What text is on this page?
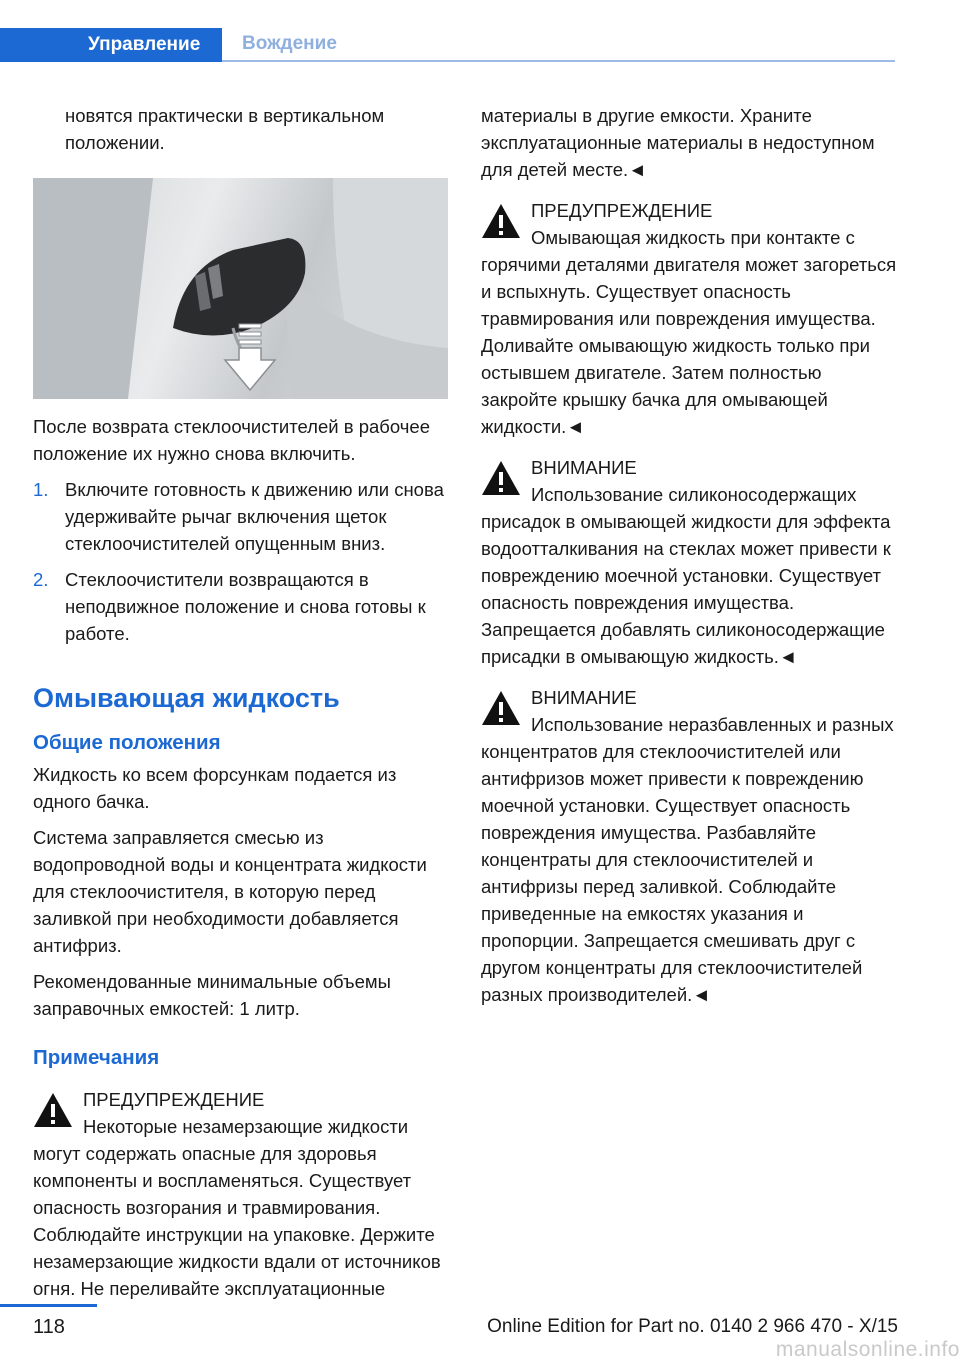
Управление	Вождение

новятся практически в вертикальном положении.

После возврата стеклоочистителей в рабочее положение их нужно снова включить.

1. Включите готовность к движению или снова удерживайте рычаг включения щеток стеклоочистителей опущенным вниз.
2. Стеклоочистители возвращаются в неподвижное положение и снова готовы к работе.
Омывающая жидкость
Общие положения

Жидкость ко всем форсункам подается из одного бачка.

Система заправляется смесью из водопроводной воды и концентрата жидкости для стеклоочистителя, в которую перед заливкой при необходимости добавляется антифриз.

Рекомендованные минимальные объемы заправочных емкостей: 1 литр.

Примечания
ПРЕДУПРЕЖДЕНИЕ
Некоторые незамерзающие жидкости могут содержать опасные для здоровья компоненты и воспламеняться. Существует опасность возгорания и травмирования. Соблюдайте инструкции на упаковке. Держите незамерзающие жидкости вдали от источников огня. Не переливайте эксплуатационные

материалы в другие емкости. Храните эксплуатационные материалы в недоступном для детей месте.◄

ПРЕДУПРЕЖДЕНИЕ
Омывающая жидкость при контакте с горячими деталями двигателя может загореться и вспыхнуть. Существует опасность травмирования или повреждения имущества. Доливайте омывающую жидкость только при остывшем двигателе. Затем полностью закройте крышку бачка для омывающей жидкости.◄
ВНИМАНИЕ
Использование силиконосодержащих присадок в омывающей жидкости для эффекта водоотталкивания на стеклах может привести к повреждению моечной установки. Существует опасность повреждения имущества. Запрещается добавлять силиконосодержащие присадки в омывающую жидкость.◄
ВНИМАНИЕ
Использование неразбавленных и разных концентратов для стеклоочистителей или антифризов может привести к повреждению моечной установки. Существует опасность повреждения имущества. Разбавляйте концентраты для стеклоочистителей и антифризы перед заливкой. Соблюдайте приведенные на емкостях указания и пропорции. Запрещается смешивать друг с другом концентраты для стеклоочистителей разных производителей.◄
118	Online Edition for Part no. 0140 2 966 470 - X/15
manualsonline.info
